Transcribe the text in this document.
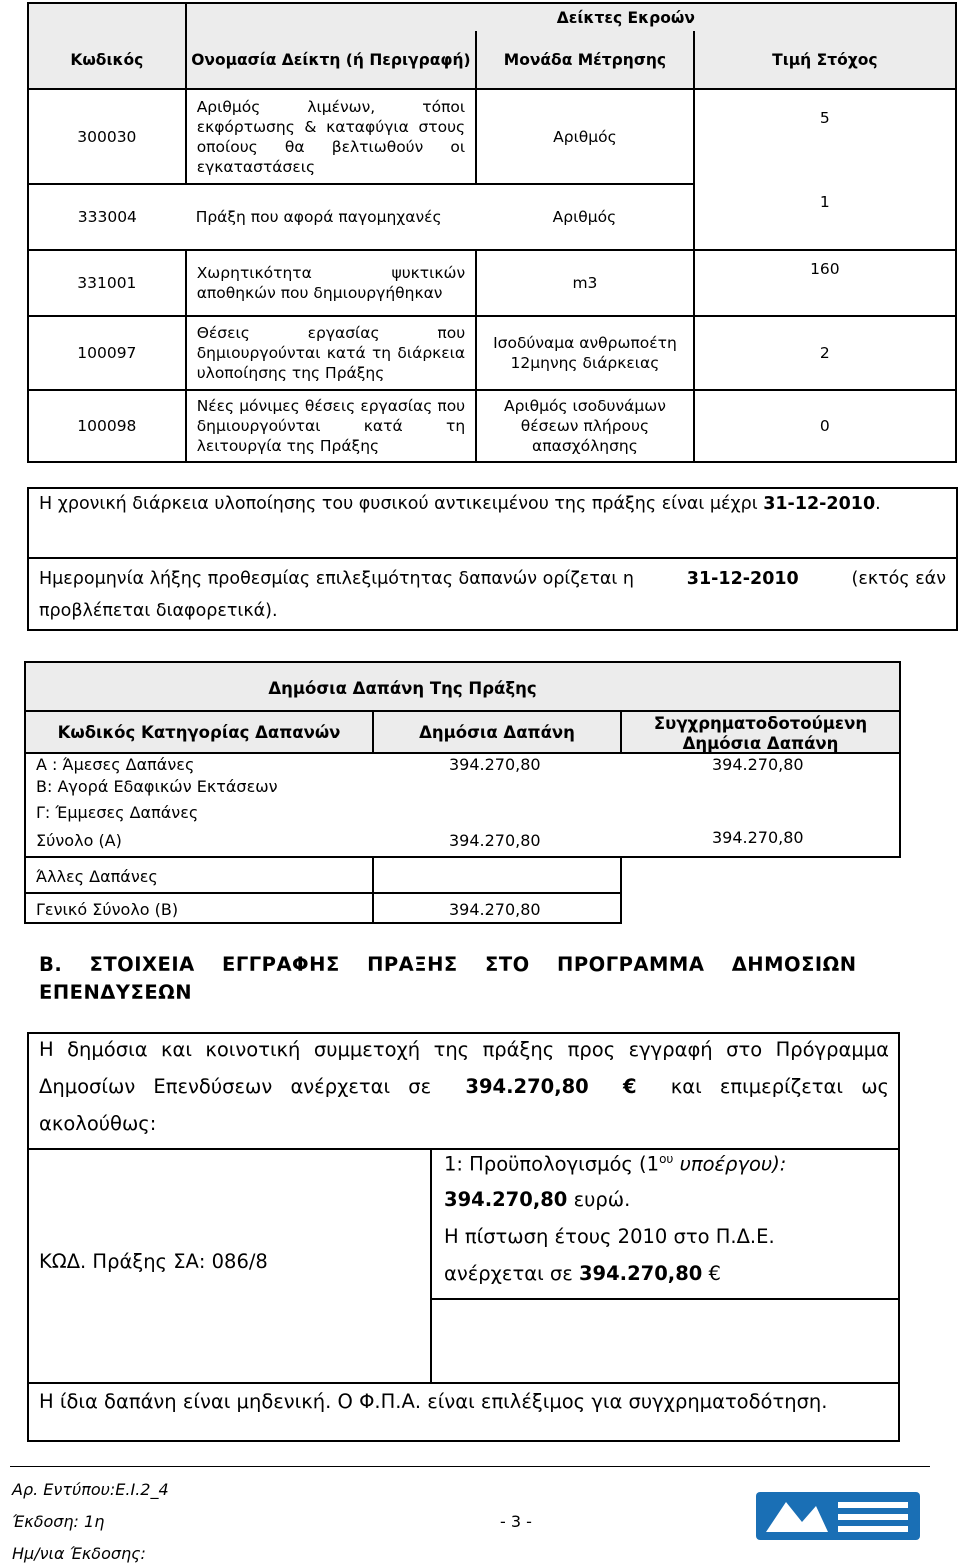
	Δείκτες Εκροών		
Κωδικός	Ονομασία Δείκτη (ή Περιγραφή)	Μονάδα Μέτρησης	Τιμή Στόχος
300030	Αριθμός λιμένων, τόποι εκφόρτωσης & καταφύγια στους οποίους θα βελτιωθούν οι εγκαταστάσεις	Αριθμός	5
333004	Πράξη που αφορά παγομηχανές	Αριθμός	1
331001	Χωρητικότητα ψυκτικών αποθηκών που δημιουργήθηκαν	m3	160
100097	Θέσεις εργασίας που δημιουργούνται κατά τη διάρκεια υλοποίησης της Πράξης	Ισοδύναμα ανθρωποέτη 12μηνης διάρκειας	2
100098	Νέες μόνιμες θέσεις εργασίας που δημιουργούνται κατά τη λειτουργία της Πράξης	Αριθμός ισοδυνάμων θέσεων πλήρους απασχόλησης	0
Η χρονική διάρκεια υλοποίησης του φυσικού αντικειμένου της πράξης είναι μέχρι 31-12-2010.
Ημερομηνία λήξης προθεσμίας επιλεξιμότητας δαπανών ορίζεται η	31-12-2010	(εκτός εάν
προβλέπεται διαφορετικά).
Δημόσια Δαπάνη Της Πράξης
Κωδικός Κατηγορίας Δαπανών	Δημόσια Δαπάνη	Συγχρηματοδοτούμενη
Δημόσια Δαπάνη
Α : Άμεσες Δαπάνες	394.270,80	394.270,80
Β: Αγορά Εδαφικών Εκτάσεων
Γ: Έμμεσες Δαπάνες
Σύνολο (Α)	394.270,80	394.270,80
Άλλες Δαπάνες
Γενικό Σύνολο (Β)	394.270,80
Β. ΣΤΟΙΧΕΙΑ ΕΓΓΡΑΦΗΣ ΠΡΑΞΗΣ ΣΤΟ ΠΡΟΓΡΑΜΜΑ ΔΗΜΟΣΙΩΝ
ΕΠΕΝΔΥΣΕΩΝ
Η δημόσια και κοινοτική συμμετοχή της πράξης προς εγγραφή στο Πρόγραμμα
Δημοσίων Επενδύσεων ανέρχεται σε 394.270,80 € και επιμερίζεται ως
ακολούθως:
ΚΩΔ. Πράξης ΣΑ: 086/8
1: Προϋπολογισμός ($1^{o\upsilon}$ υποέργου):
394.270,80 ευρώ.
Η πίστωση έτους 2010 στο Π.Δ.Ε.
ανέρχεται σε 394.270,80 €
Η ίδια δαπάνη είναι μηδενική. Ο Φ.Π.Α. είναι επιλέξιμος για συγχρηματοδότηση.
Αρ. Εντύπου:Ε.Ι.2_4
Έκδοση: 1η	- 3 -
Ημ/νια Έκδοσης:
